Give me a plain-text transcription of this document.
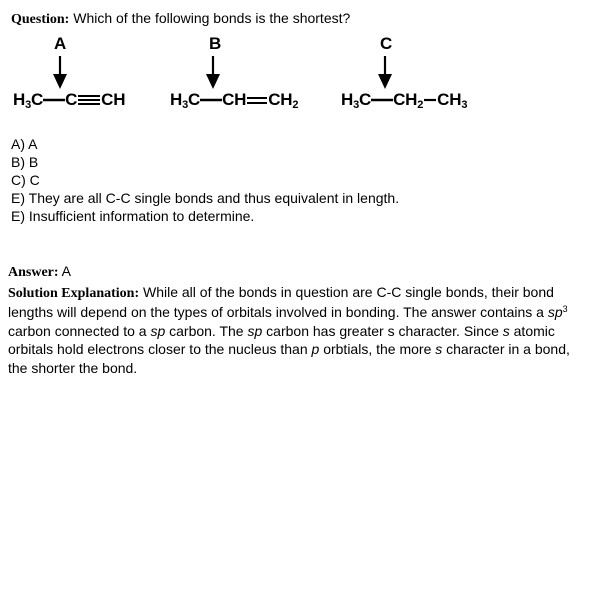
Question: Which of the following bonds is the shortest?
A	B	C
$H_3C$ C CH	$H_3C$ CH $CH_2$	$H_3C$ $CH_2$ $CH_3$
A) A
B) B
C) C
E) They are all C-C single bonds and thus equivalent in length.
E) Insufficient information to determine.

Answer: A

Solution Explanation: While all of the bonds in question are C-C single bonds, their bond lengths will depend on the types of orbitals involved in bonding. The answer contains a $sp^3$ carbon connected to a sp carbon. The sp carbon has greater s character. Since s atomic orbitals hold electrons closer to the nucleus than p orbtials, the more s character in a bond, the shorter the bond.
